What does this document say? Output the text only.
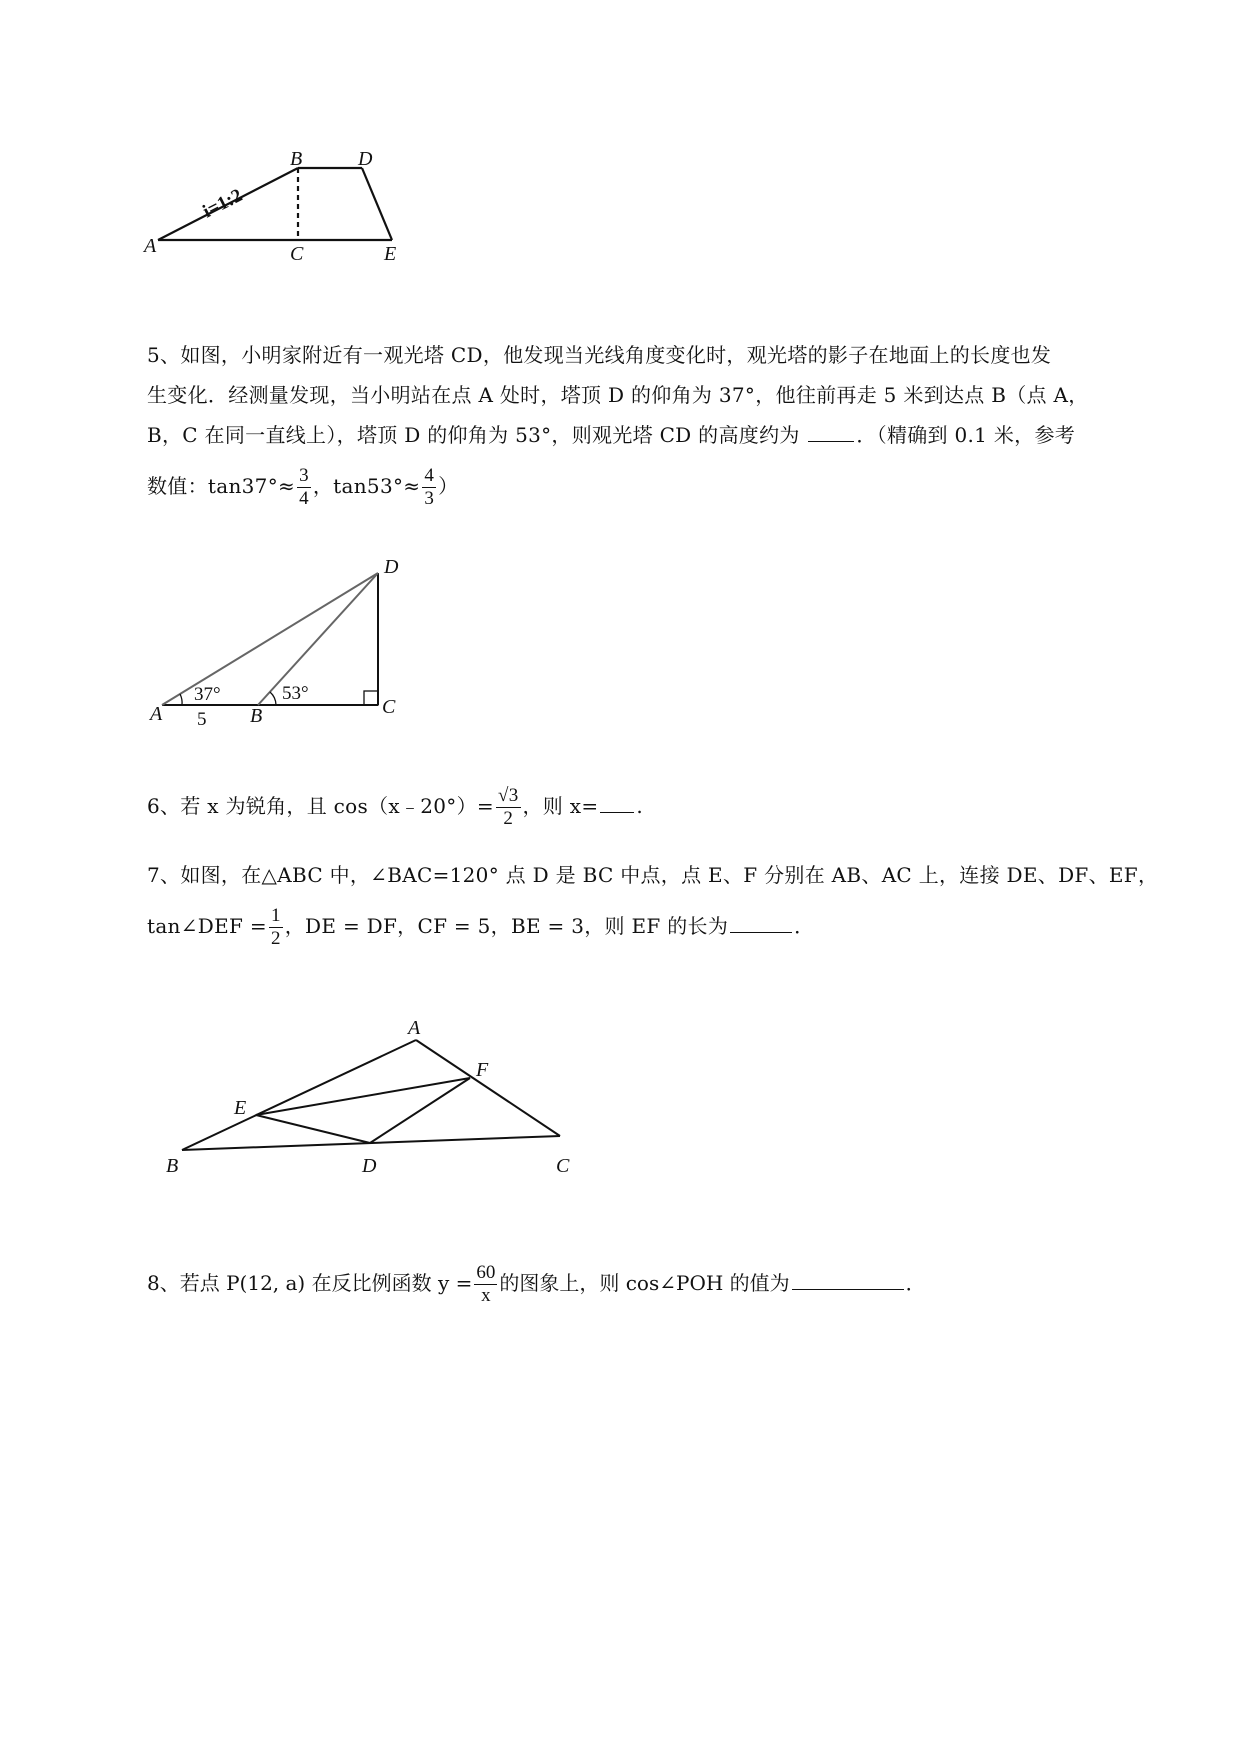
A
B
C
D
E
i=1:2
5、如图，小明家附近有一观光塔 CD，他发现当光线角度变化时，观光塔的影子在地面上的长度也发
生变化．经测量发现，当小明站在点 A 处时，塔顶 D 的仰角为 37°，他往前再走 5 米到达点 B（点 A，
B，C 在同一直线上），塔顶 D 的仰角为 53°，则观光塔 CD 的高度约为	．（精确到 0.1 米，参考
数值：$\tan 37^\circ\approx \frac{3}{4}$ ，$\tan 53^\circ\approx \frac{4}{3}$ ）
A	B	C
D
37°	53°
5
6、若 x 为锐角，且 cos（x﹣20°）= $\frac{√3}{2}$ ，则 x= .
7、如图，在△ABC 中，∠BAC=120° 点 D 是 BC 中点，点 E、F 分别在 AB、AC 上，连接 DE、DF、EF，
tan∠DEF = $\frac{1}{2}$ ，DE = DF，CF = 5，BE = 3，则 EF 的长为	．
A
B	C
D
E
F
8、若点 P(12, a) 在反比例函数 $y = \frac{60}{x}$ 的图象上，则 cos∠POH 的值为	．
